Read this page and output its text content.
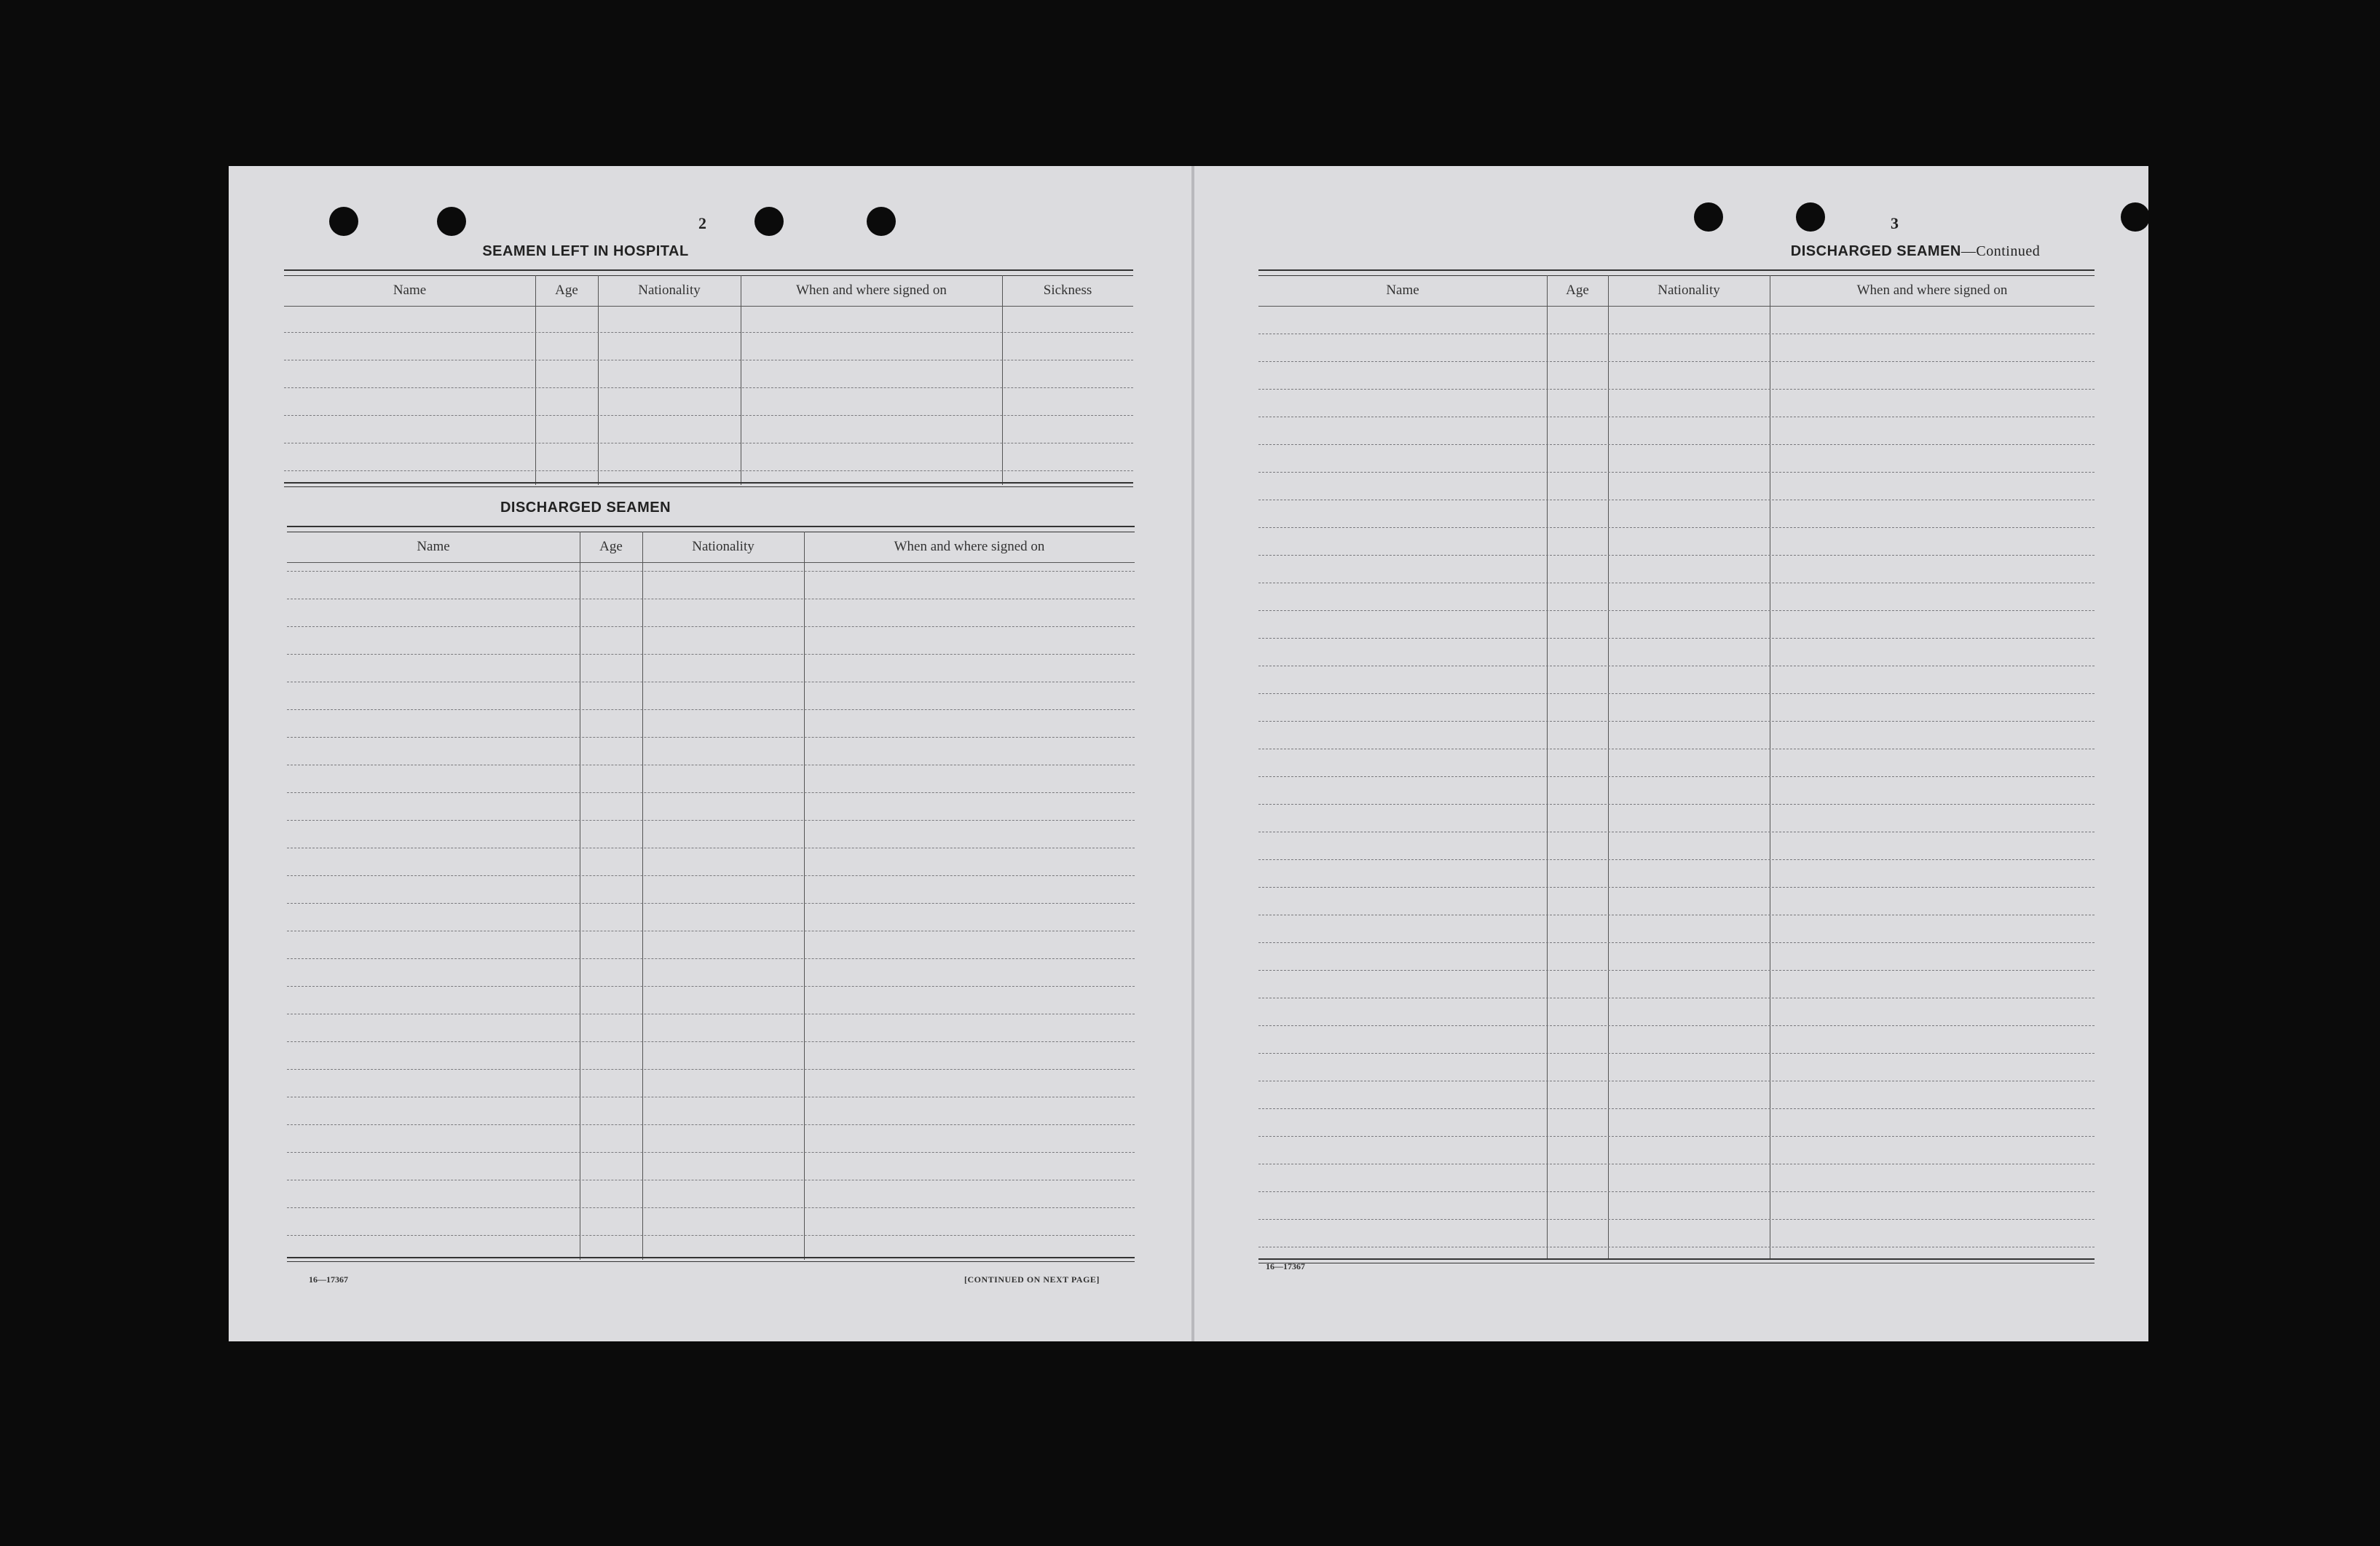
2
SEAMEN LEFT IN HOSPITAL
Name	Age	Nationality	When and where signed on	Sickness
DISCHARGED SEAMEN
Name	Age	Nationality	When and where signed on
16—17367	[CONTINUED ON NEXT PAGE]
3
DISCHARGED SEAMEN—Continued
Name	Age	Nationality	When and where signed on
16—17367
